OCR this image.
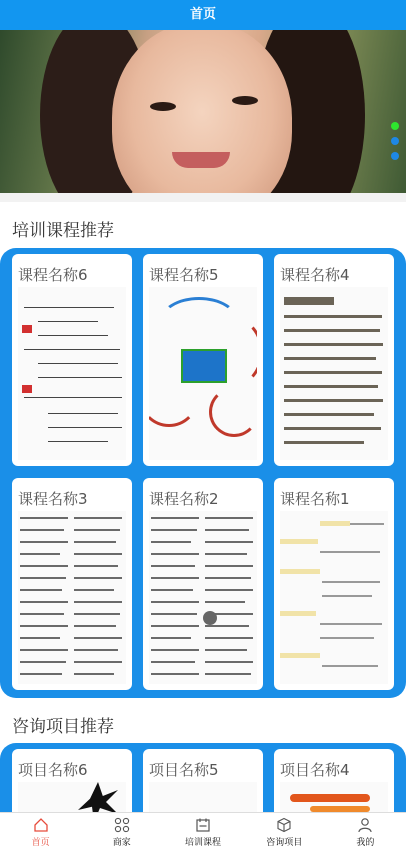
首页
培训课程推荐
课程名称6	课程名称5	课程名称4
课程名称3	课程名称2	课程名称1
咨询项目推荐
项目名称6	项目名称5	项目名称4
首页	商家	培训课程	咨询项目	我的
